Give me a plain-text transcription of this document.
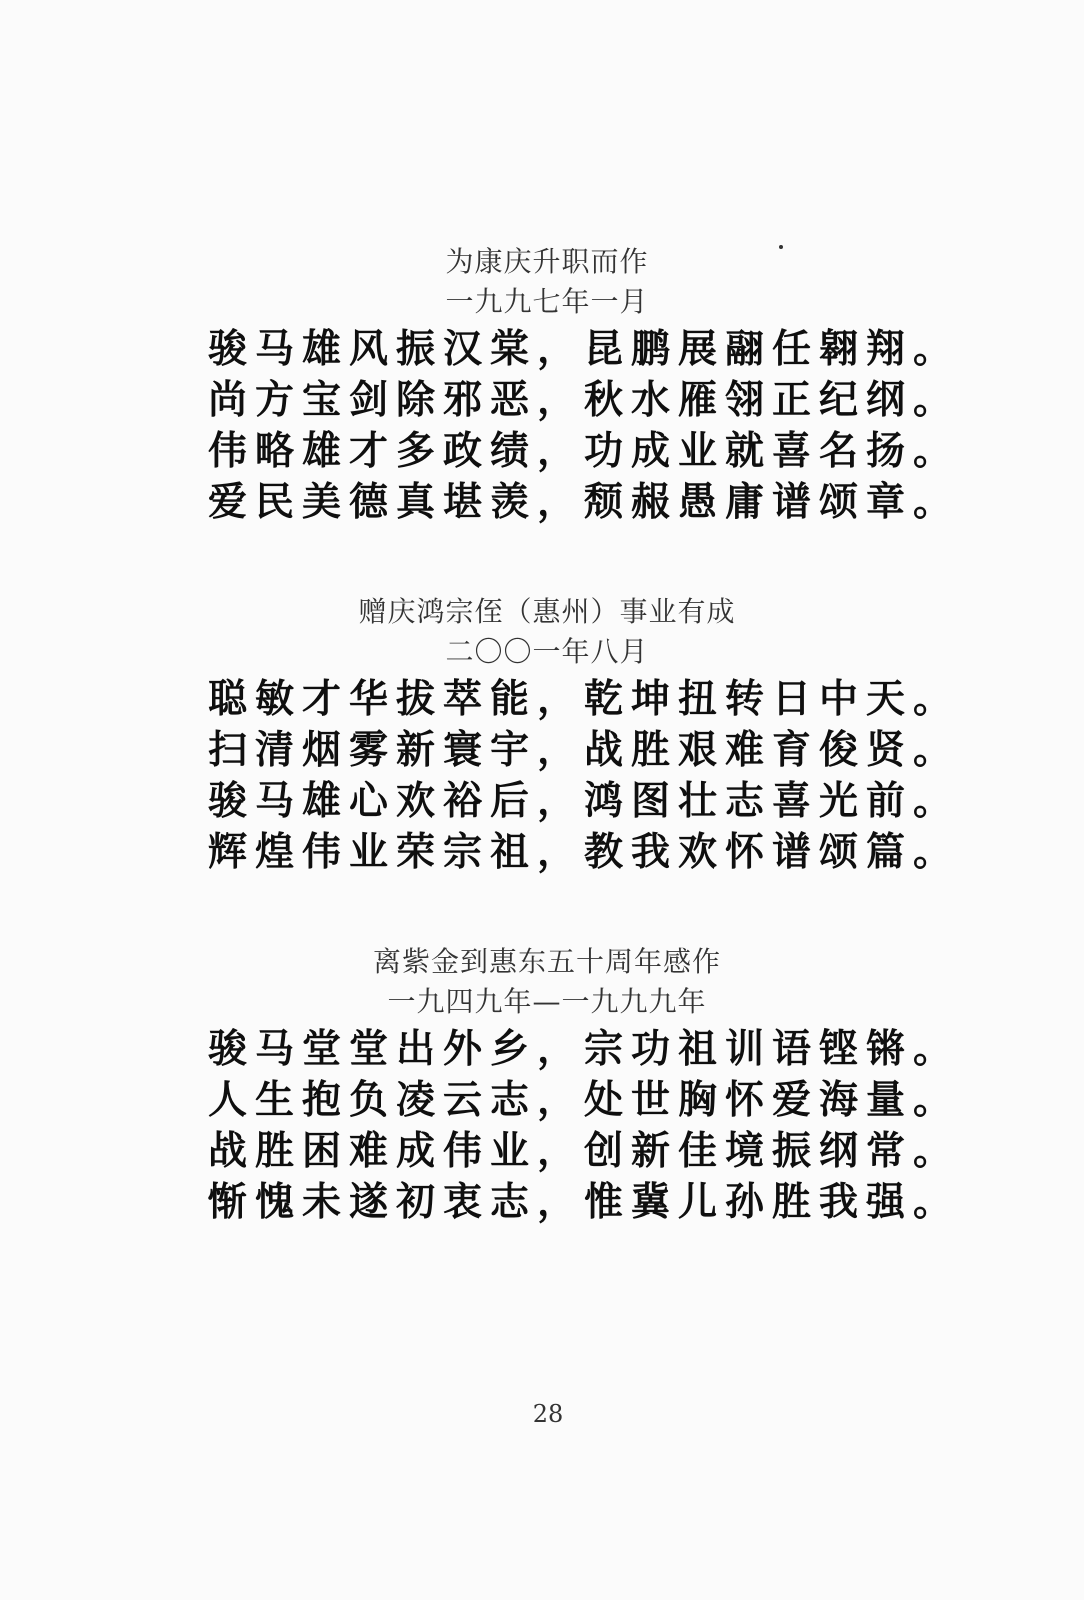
为康庆升职而作
一九九七年一月
骏马雄风振汉棠，昆鹏展翮任翱翔。
尚方宝剑除邪恶，秋水雁翎正纪纲。
伟略雄才多政绩，功成业就喜名扬。
爱民美德真堪羡，颓赧愚庸谱颂章。
赠庆鸿宗侄（惠州）事业有成
二〇〇一年八月
聪敏才华拔萃能，乾坤扭转日中天。
扫清烟雾新寰宇，战胜艰难育俊贤。
骏马雄心欢裕后，鸿图壮志喜光前。
辉煌伟业荣宗祖，教我欢怀谱颂篇。
离紫金到惠东五十周年感作
一九四九年—一九九九年
骏马堂堂出外乡，宗功祖训语铿锵。
人生抱负凌云志，处世胸怀爱海量。
战胜困难成伟业，创新佳境振纲常。
惭愧未遂初衷志，惟冀儿孙胜我强。
28
